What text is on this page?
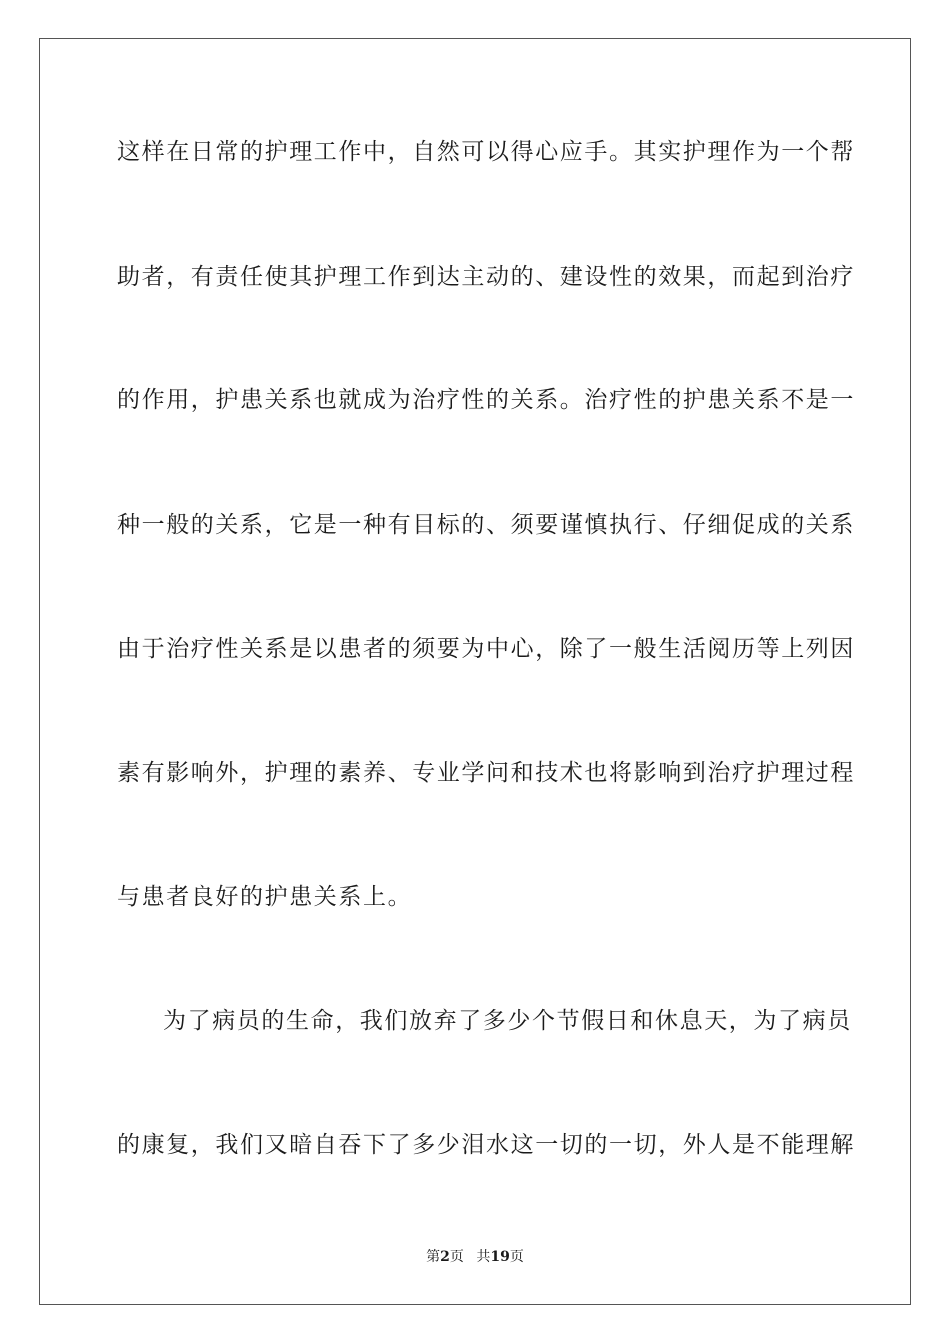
这样在日常的护理工作中，自然可以得心应手。其实护理作为一个帮
助者，有责任使其护理工作到达主动的、建设性的效果，而起到治疗
的作用，护患关系也就成为治疗性的关系。治疗性的护患关系不是一
种一般的关系，它是一种有目标的、须要谨慎执行、仔细促成的关系
由于治疗性关系是以患者的须要为中心，除了一般生活阅历等上列因
素有影响外，护理的素养、专业学问和技术也将影响到治疗护理过程
与患者良好的护患关系上。
为了病员的生命，我们放弃了多少个节假日和休息天，为了病员
的康复，我们又暗自吞下了多少泪水这一切的一切，外人是不能理解
第2页 共19页
